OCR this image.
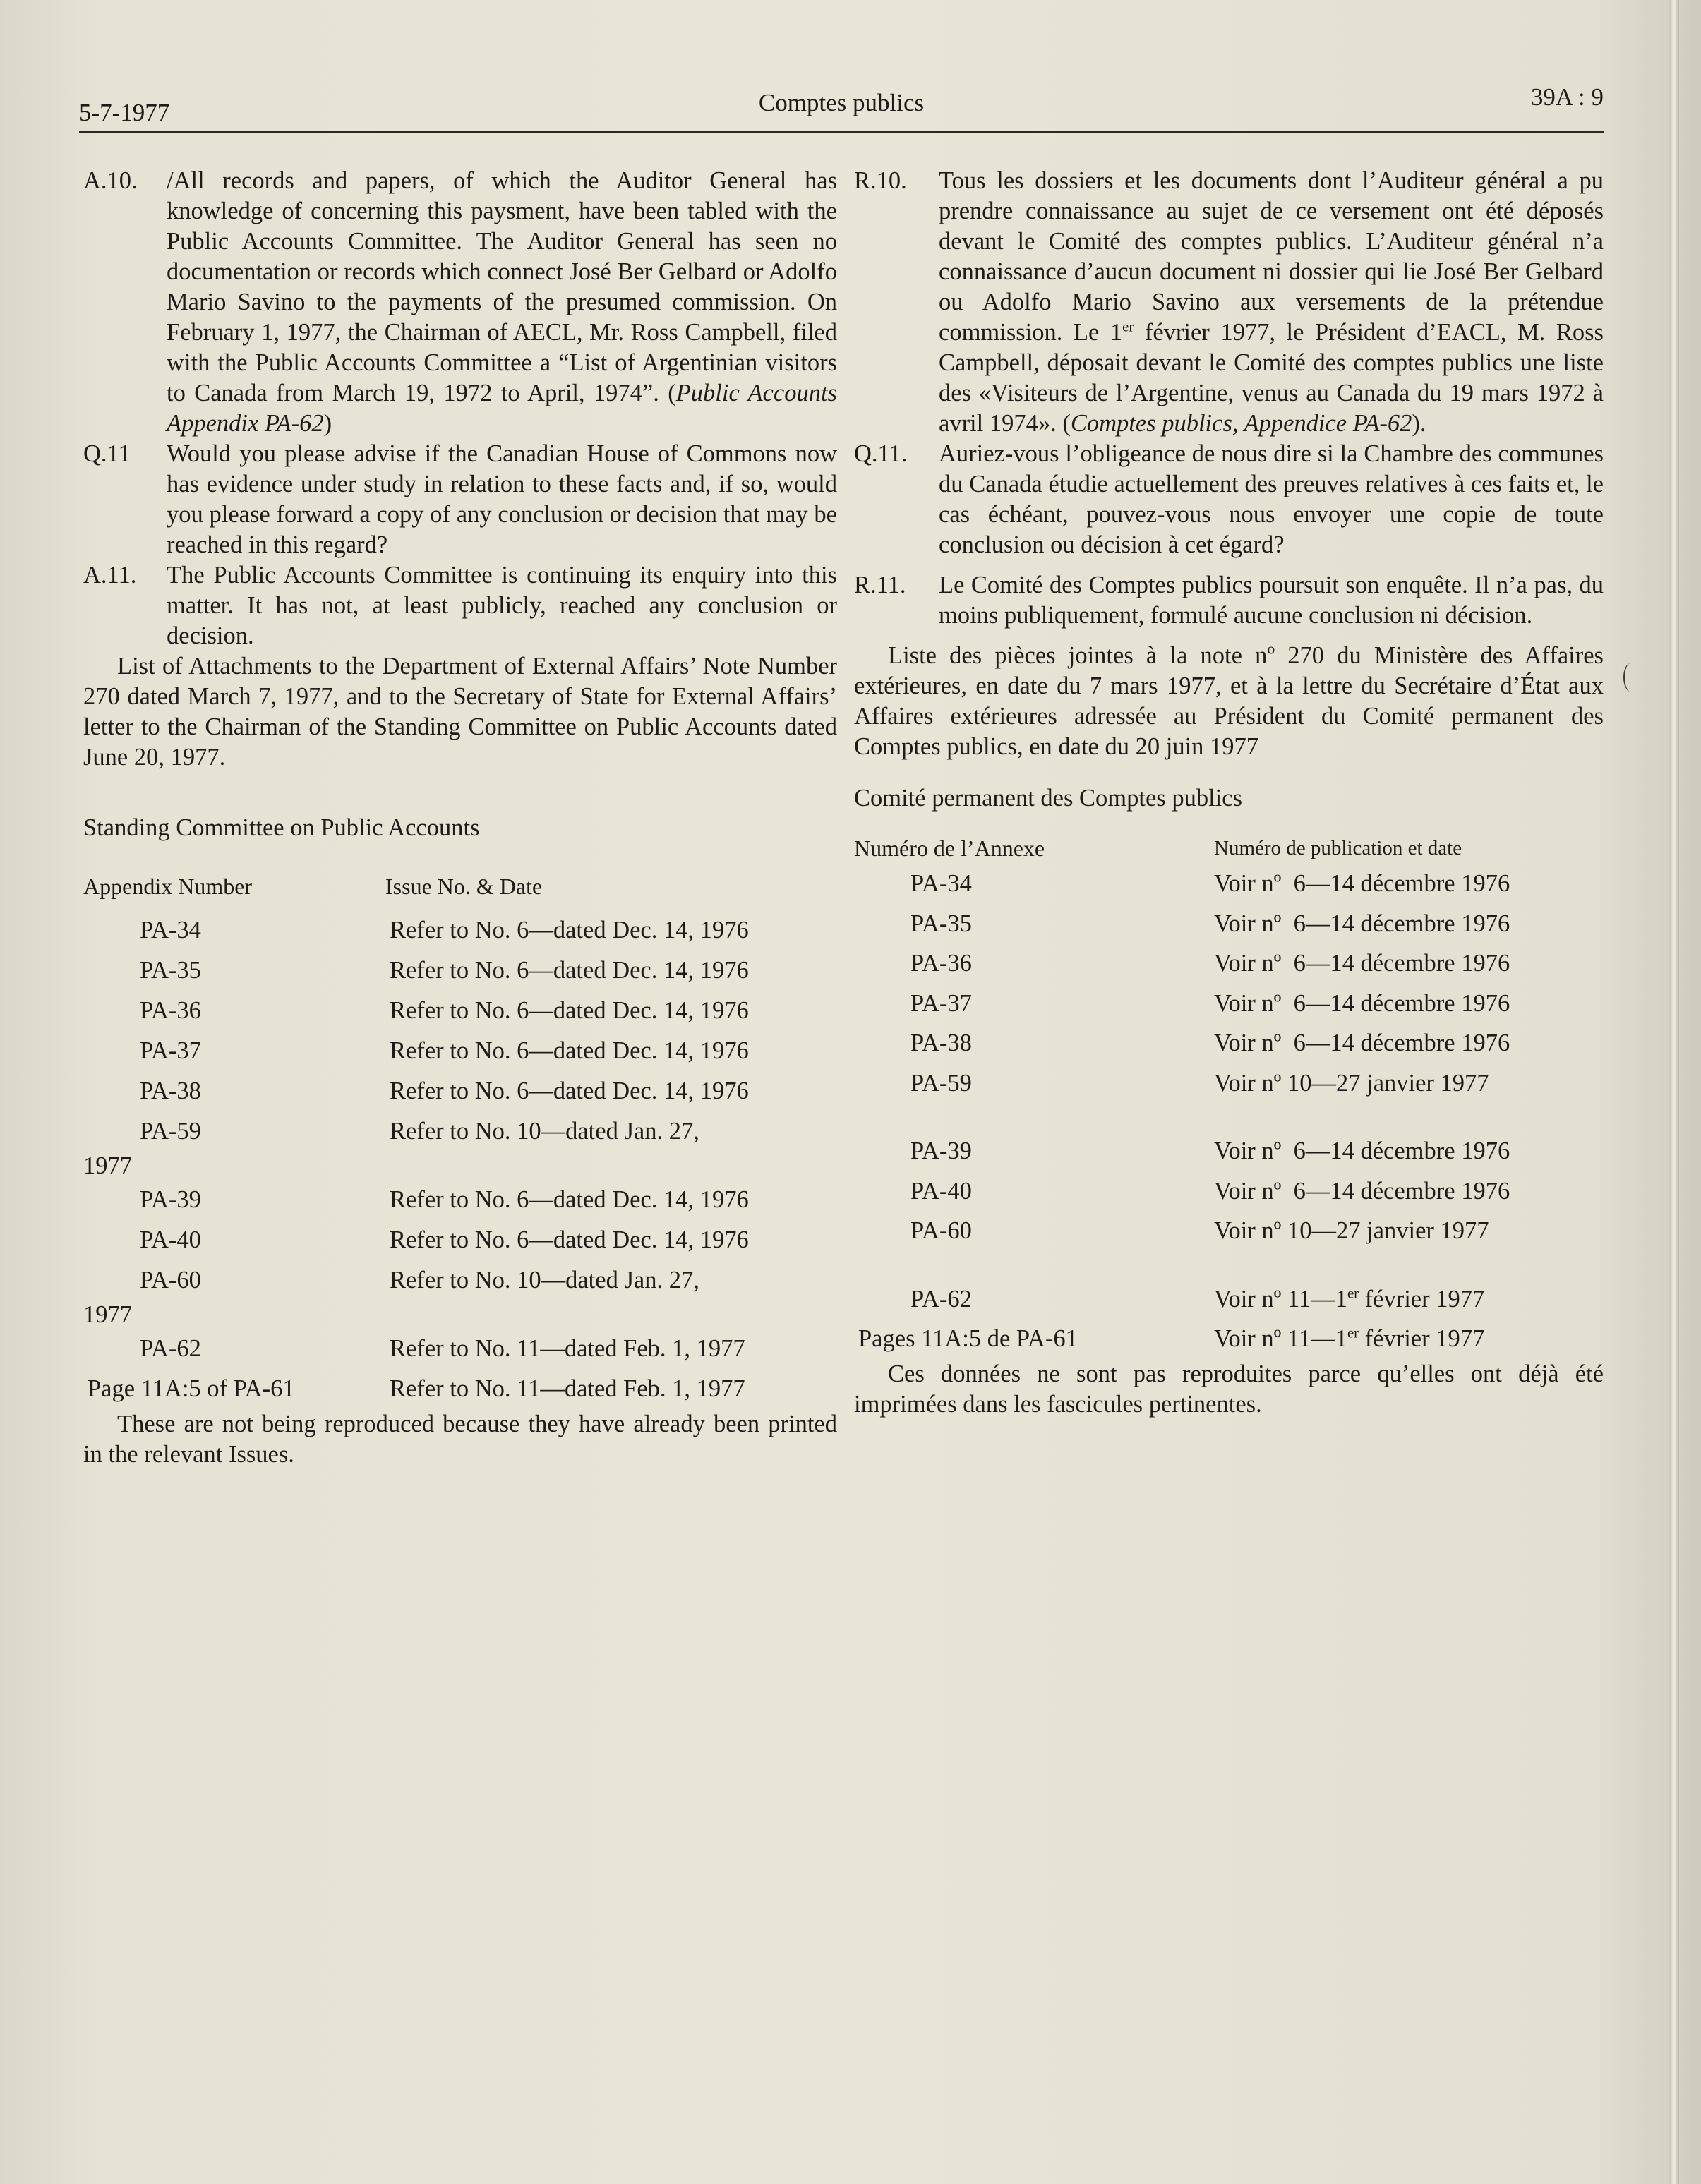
5-7-1977	Comptes publics	39A : 9
A.10.	/All records and papers, of which the Auditor General has knowledge of concerning this paysment, have been tabled with the Public Accounts Committee. The Auditor General has seen no documentation or records which connect José Ber Gelbard or Adolfo Mario Savino to the payments of the presumed commission. On February 1, 1977, the Chairman of AECL, Mr. Ross Campbell, filed with the Public Accounts Committee a “List of Argentinian visitors to Canada from March 19, 1972 to April, 1974”. (Public Accounts Appendix PA-62)
Q.11	Would you please advise if the Canadian House of Commons now has evidence under study in relation to these facts and, if so, would you please forward a copy of any conclusion or decision that may be reached in this regard?
A.11.	The Public Accounts Committee is continuing its enquiry into this matter. It has not, at least publicly, reached any conclusion or decision.

List of Attachments to the Department of External Affairs’ Note Number 270 dated March 7, 1977, and to the Secretary of State for External Affairs’ letter to the Chairman of the Standing Committee on Public Accounts dated June 20, 1977.

Standing Committee on Public Accounts

Appendix Number	Issue No. & Date
PA-34	Refer to No. 6—dated Dec. 14, 1976
PA-35	Refer to No. 6—dated Dec. 14, 1976
PA-36	Refer to No. 6—dated Dec. 14, 1976
PA-37	Refer to No. 6—dated Dec. 14, 1976
PA-38	Refer to No. 6—dated Dec. 14, 1976
PA-59	Refer to No. 10—dated Jan. 27,
1977
PA-39	Refer to No. 6—dated Dec. 14, 1976
PA-40	Refer to No. 6—dated Dec. 14, 1976
PA-60	Refer to No. 10—dated Jan. 27,
1977
PA-62	Refer to No. 11—dated Feb. 1, 1977
Page 11A:5 of PA-61	Refer to No. 11—dated Feb. 1, 1977

These are not being reproduced because they have already been printed in the relevant Issues.

R.10.	Tous les dossiers et les documents dont l’Auditeur général a pu prendre connaissance au sujet de ce versement ont été déposés devant le Comité des comptes publics. L’Auditeur général n’a connaissance d’aucun document ni dossier qui lie José Ber Gelbard ou Adolfo Mario Savino aux versements de la prétendue commission. Le 1er février 1977, le Président d’EACL, M. Ross Campbell, déposait devant le Comité des comptes publics une liste des «Visiteurs de l’Argentine, venus au Canada du 19 mars 1972 à avril 1974». (Comptes publics, Appendice PA-62).
Q.11.	Auriez-vous l’obligeance de nous dire si la Chambre des communes du Canada étudie actuellement des preuves relatives à ces faits et, le cas échéant, pouvez-vous nous envoyer une copie de toute conclusion ou décision à cet égard?
R.11.	Le Comité des Comptes publics poursuit son enquête. Il n’a pas, du moins publiquement, formulé aucune conclusion ni décision.

Liste des pièces jointes à la note nº 270 du Ministère des Affaires extérieures, en date du 7 mars 1977, et à la lettre du Secrétaire d’État aux Affaires extérieures adressée au Président du Comité permanent des Comptes publics, en date du 20 juin 1977

Comité permanent des Comptes publics

Numéro de l’Annexe	Numéro de publication et date
PA-34	Voir nº  6—14 décembre 1976
PA-35	Voir nº  6—14 décembre 1976
PA-36	Voir nº  6—14 décembre 1976
PA-37	Voir nº  6—14 décembre 1976
PA-38	Voir nº  6—14 décembre 1976
PA-59	Voir nº 10—27 janvier 1977
PA-39	Voir nº  6—14 décembre 1976
PA-40	Voir nº  6—14 décembre 1976
PA-60	Voir nº 10—27 janvier 1977
PA-62	Voir nº 11—1er février 1977
Pages 11A:5 de PA-61	Voir nº 11—1er février 1977

Ces données ne sont pas reproduites parce qu’elles ont déjà été imprimées dans les fascicules pertinentes.
